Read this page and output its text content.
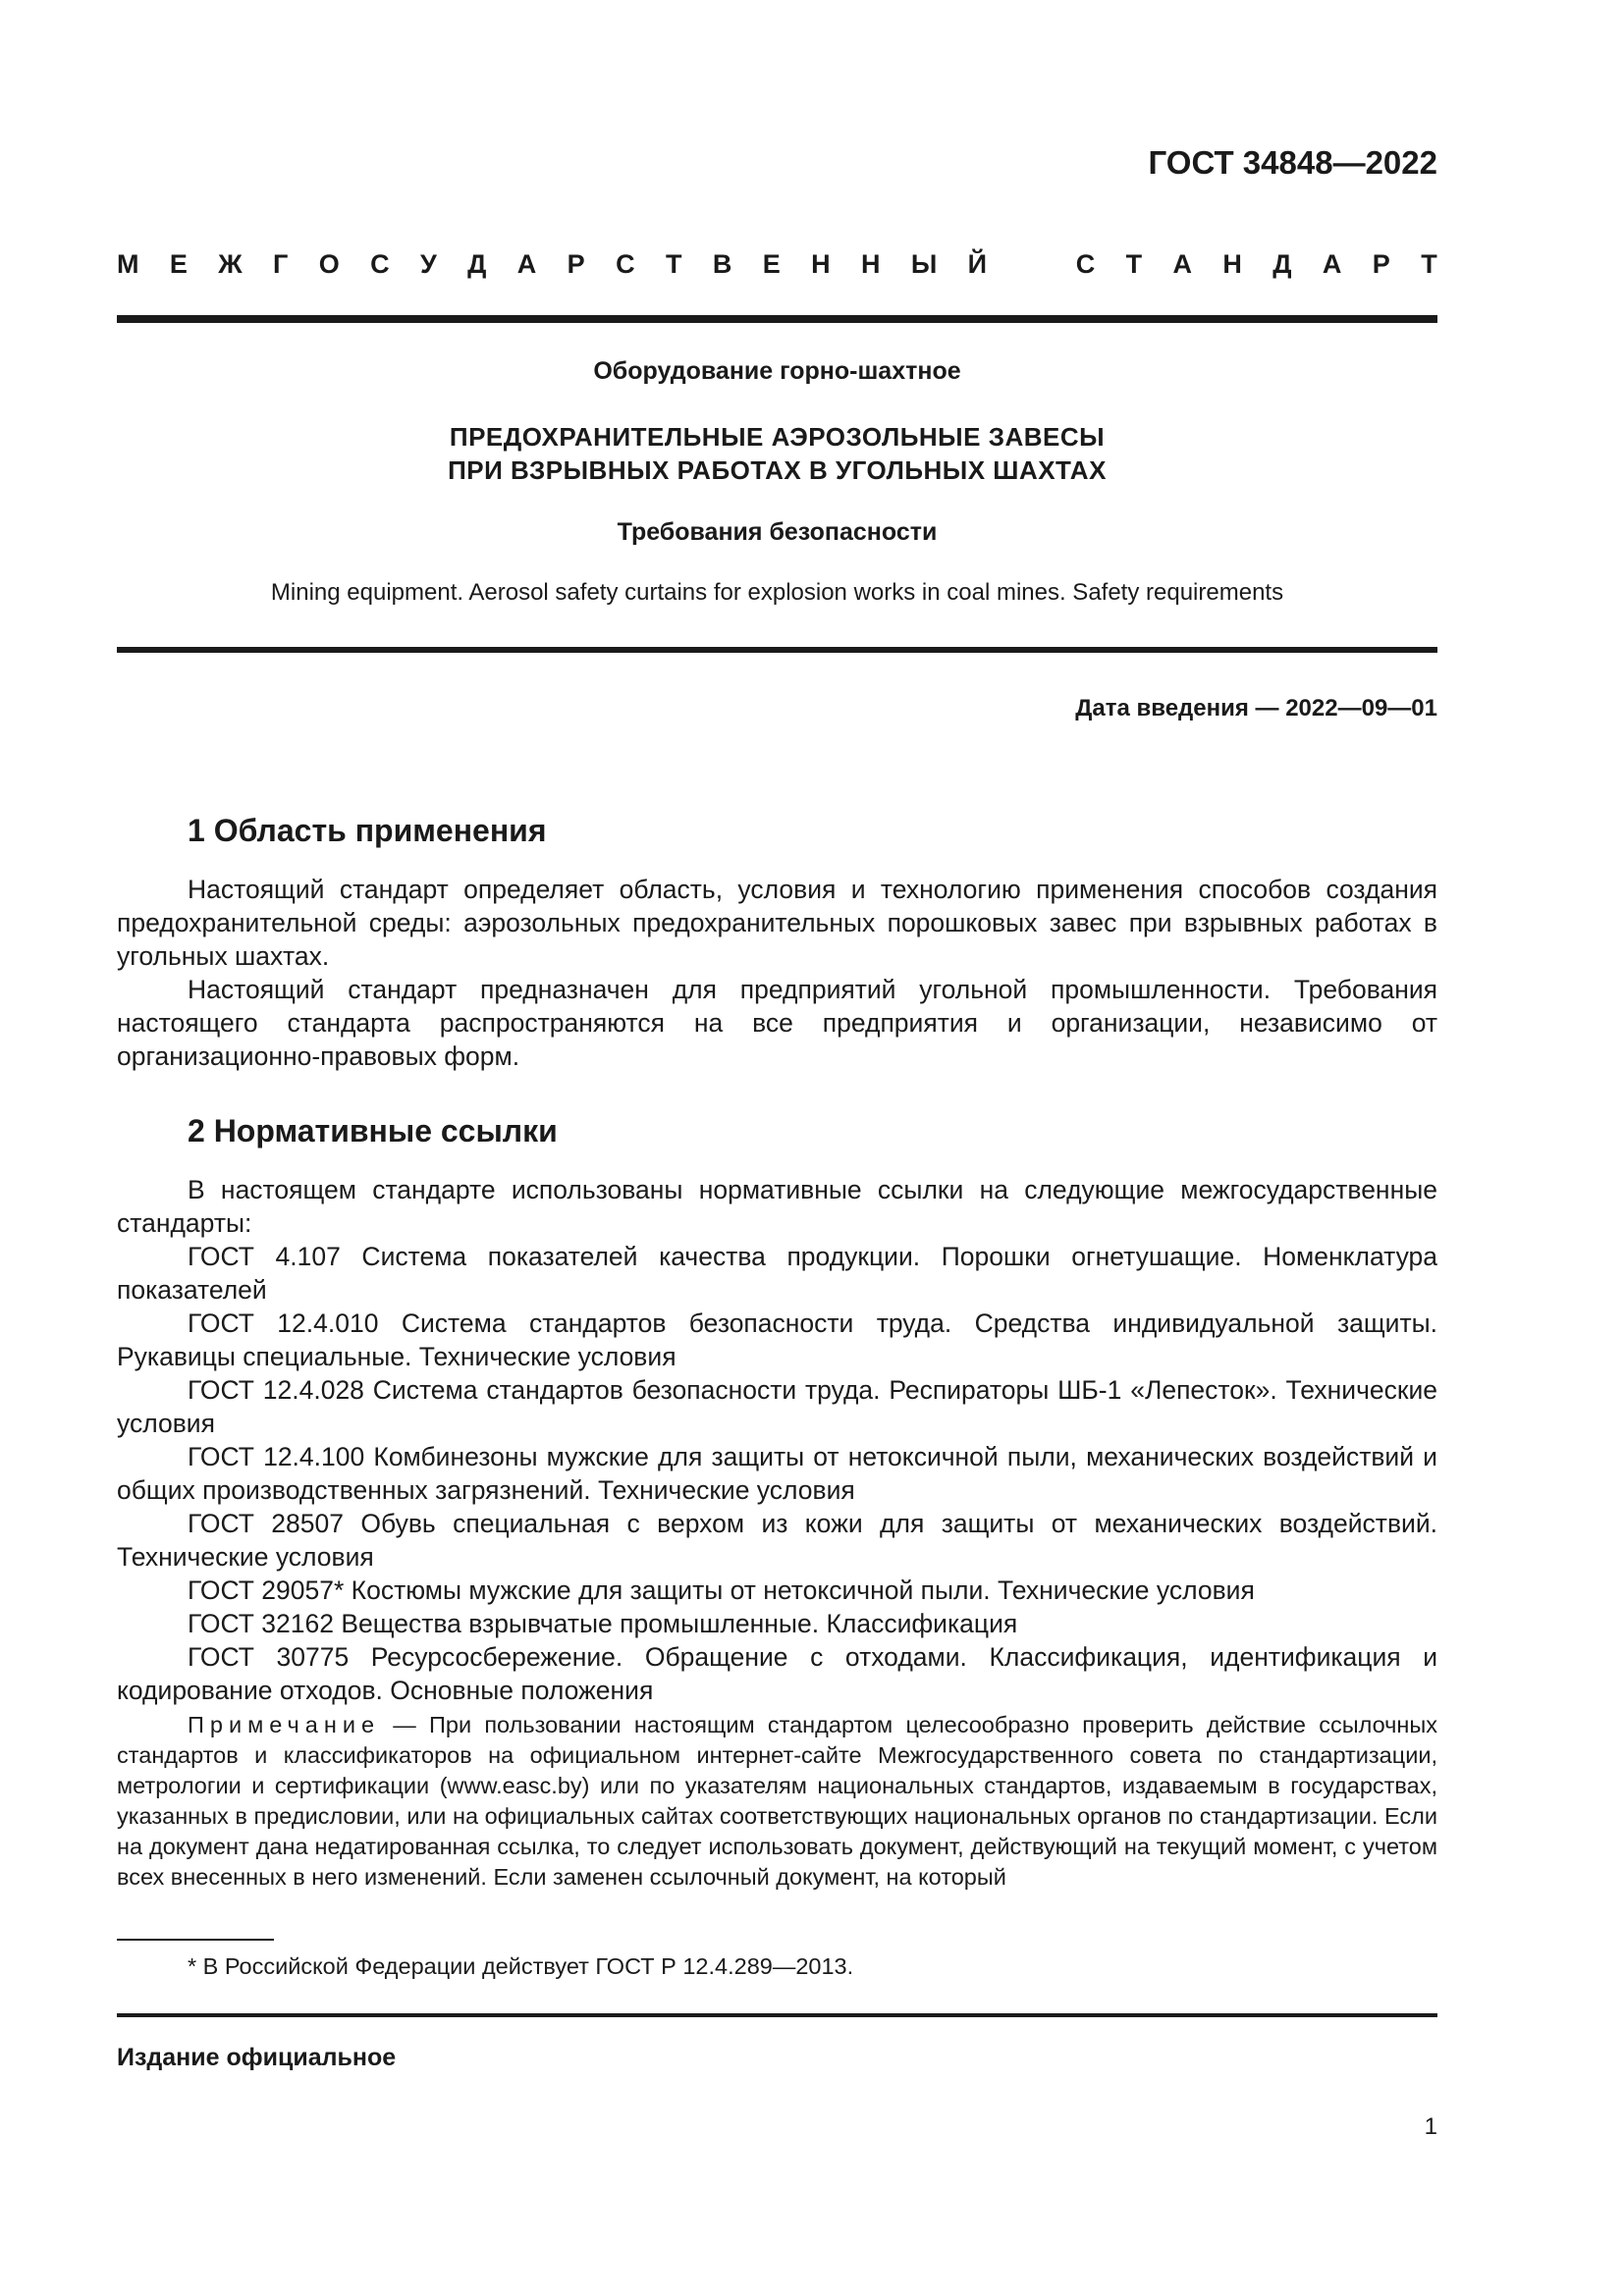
ГОСТ 34848—2022
М Е Ж Г О С У Д А Р С Т В Е Н Н Ы Й	С Т А Н Д А Р Т
Оборудование горно-шахтное
ПРЕДОХРАНИТЕЛЬНЫЕ АЭРОЗОЛЬНЫЕ ЗАВЕСЫ
ПРИ ВЗРЫВНЫХ РАБОТАХ В УГОЛЬНЫХ ШАХТАХ
Требования безопасности
Mining equipment. Aerosol safety curtains for explosion works in coal mines. Safety requirements
Дата введения — 2022—09—01
1 Область применения

Настоящий стандарт определяет область, условия и технологию применения способов создания предохранительной среды: аэрозольных предохранительных порошковых завес при взрывных работах в угольных шахтах.

Настоящий стандарт предназначен для предприятий угольной промышленности. Требования настоящего стандарта распространяются на все предприятия и организации, независимо от организационно-правовых форм.

2 Нормативные ссылки

В настоящем стандарте использованы нормативные ссылки на следующие межгосударственные стандарты:

ГОСТ 4.107 Система показателей качества продукции. Порошки огнетушащие. Номенклатура показателей

ГОСТ 12.4.010 Система стандартов безопасности труда. Средства индивидуальной защиты. Рукавицы специальные. Технические условия

ГОСТ 12.4.028 Система стандартов безопасности труда. Респираторы ШБ-1 «Лепесток». Технические условия

ГОСТ 12.4.100 Комбинезоны мужские для защиты от нетоксичной пыли, механических воздействий и общих производственных загрязнений. Технические условия

ГОСТ 28507 Обувь специальная с верхом из кожи для защиты от механических воздействий. Технические условия

ГОСТ 29057* Костюмы мужские для защиты от нетоксичной пыли. Технические условия

ГОСТ 32162 Вещества взрывчатые промышленные. Классификация

ГОСТ 30775 Ресурсосбережение. Обращение с отходами. Классификация, идентификация и кодирование отходов. Основные положения

Примечание — При пользовании настоящим стандартом целесообразно проверить действие ссылочных стандартов и классификаторов на официальном интернет-сайте Межгосударственного совета по стандартизации, метрологии и сертификации (www.easc.by) или по указателям национальных стандартов, издаваемым в государствах, указанных в предисловии, или на официальных сайтах соответствующих национальных органов по стандартизации. Если на документ дана недатированная ссылка, то следует использовать документ, действующий на текущий момент, с учетом всех внесенных в него изменений. Если заменен ссылочный документ, на который

* В Российской Федерации действует ГОСТ Р 12.4.289—2013.
Издание официальное
1
